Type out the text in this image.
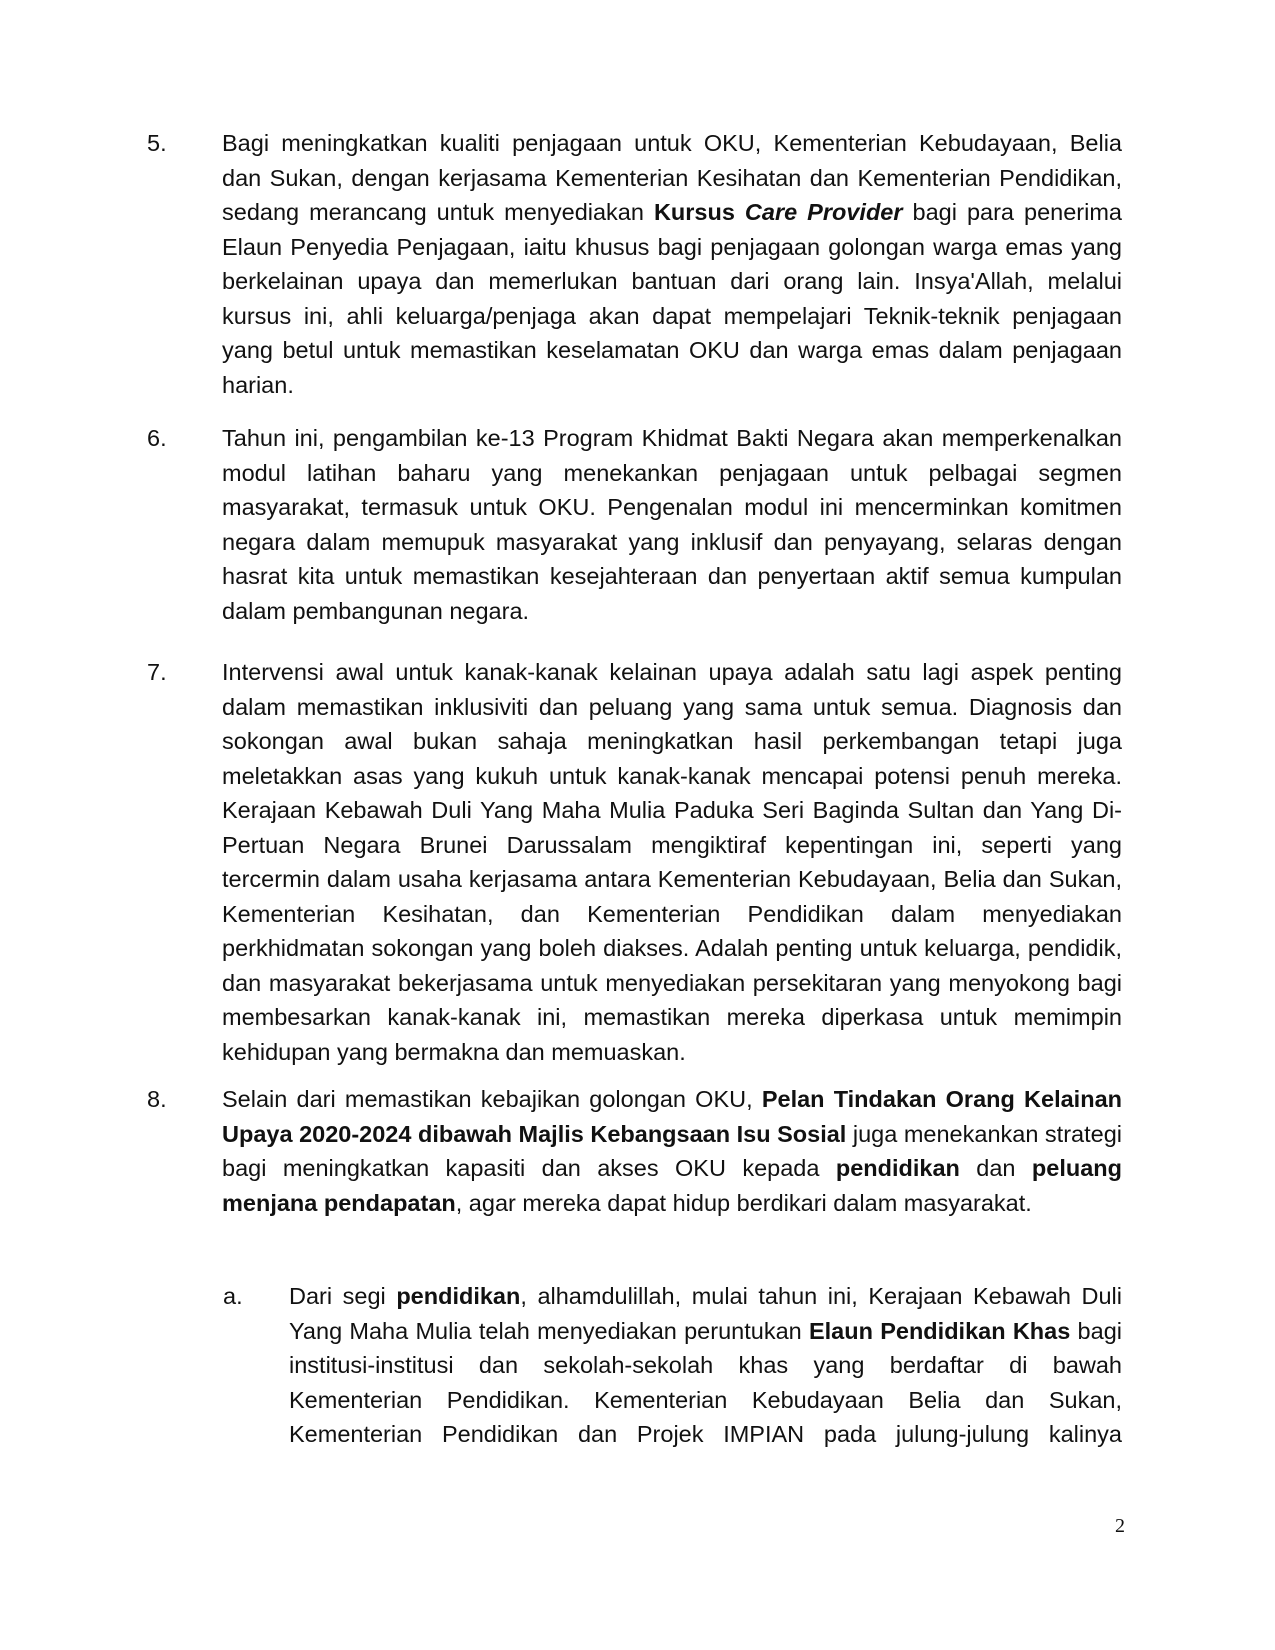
5.	Bagi meningkatkan kualiti penjagaan untuk OKU, Kementerian Kebudayaan, Belia dan Sukan, dengan kerjasama Kementerian Kesihatan dan Kementerian Pendidikan, sedang merancang untuk menyediakan Kursus Care Provider bagi para penerima Elaun Penyedia Penjagaan, iaitu khusus bagi penjagaan golongan warga emas yang berkelainan upaya dan memerlukan bantuan dari orang lain. Insya'Allah, melalui kursus ini, ahli keluarga/penjaga akan dapat mempelajari Teknik-teknik penjagaan yang betul untuk memastikan keselamatan OKU dan warga emas dalam penjagaan harian.
6.	Tahun ini, pengambilan ke-13 Program Khidmat Bakti Negara akan memperkenalkan modul latihan baharu yang menekankan penjagaan untuk pelbagai segmen masyarakat, termasuk untuk OKU. Pengenalan modul ini mencerminkan komitmen negara dalam memupuk masyarakat yang inklusif dan penyayang, selaras dengan hasrat kita untuk memastikan kesejahteraan dan penyertaan aktif semua kumpulan dalam pembangunan negara.
7.	Intervensi awal untuk kanak-kanak kelainan upaya adalah satu lagi aspek penting dalam memastikan inklusiviti dan peluang yang sama untuk semua. Diagnosis dan sokongan awal bukan sahaja meningkatkan hasil perkembangan tetapi juga meletakkan asas yang kukuh untuk kanak-kanak mencapai potensi penuh mereka. Kerajaan Kebawah Duli Yang Maha Mulia Paduka Seri Baginda Sultan dan Yang Di-Pertuan Negara Brunei Darussalam mengiktiraf kepentingan ini, seperti yang tercermin dalam usaha kerjasama antara Kementerian Kebudayaan, Belia dan Sukan, Kementerian Kesihatan, dan Kementerian Pendidikan dalam menyediakan perkhidmatan sokongan yang boleh diakses. Adalah penting untuk keluarga, pendidik, dan masyarakat bekerjasama untuk menyediakan persekitaran yang menyokong bagi membesarkan kanak-kanak ini, memastikan mereka diperkasa untuk memimpin kehidupan yang bermakna dan memuaskan.
8.	Selain dari memastikan kebajikan golongan OKU, Pelan Tindakan Orang Kelainan Upaya 2020-2024 dibawah Majlis Kebangsaan Isu Sosial juga menekankan strategi bagi meningkatkan kapasiti dan akses OKU kepada pendidikan dan peluang menjana pendapatan, agar mereka dapat hidup berdikari dalam masyarakat.
a.	Dari segi pendidikan, alhamdulillah, mulai tahun ini, Kerajaan Kebawah Duli Yang Maha Mulia telah menyediakan peruntukan Elaun Pendidikan Khas bagi institusi-institusi dan sekolah-sekolah khas yang berdaftar di bawah Kementerian Pendidikan. Kementerian Kebudayaan Belia dan Sukan, Kementerian Pendidikan dan Projek IMPIAN pada julung-julung kalinya
2
